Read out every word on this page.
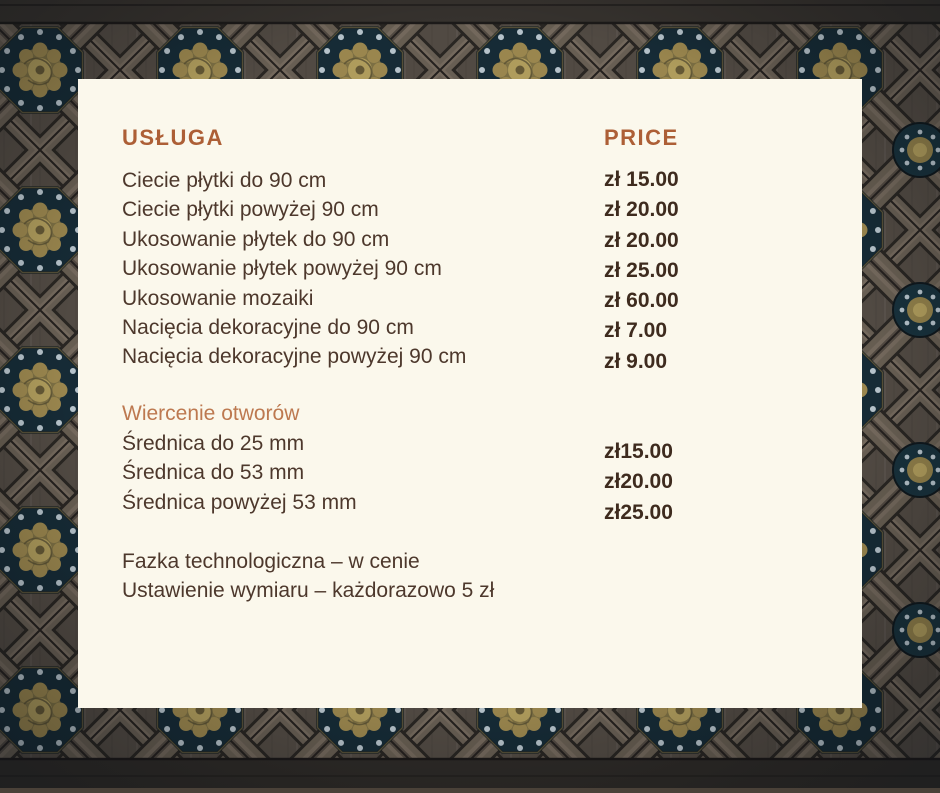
USŁUGA	PRICE
Ciecie płytki do 90 cm
Ciecie płytki powyżej 90 cm
Ukosowanie płytek do 90 cm
Ukosowanie płytek powyżej 90 cm
Ukosowanie mozaiki
Nacięcia dekoracyjne do 90 cm
Nacięcia dekoracyjne powyżej 90 cm
zł 15.00
zł 20.00
zł 20.00
zł 25.00
zł 60.00
zł 7.00
zł 9.00
Wiercenie otworów
Średnica do 25 mm
Średnica do 53 mm
Średnica powyżej 53 mm
zł15.00
zł20.00
zł25.00
Fazka technologiczna – w cenie
Ustawienie wymiaru – każdorazowo 5 zł
